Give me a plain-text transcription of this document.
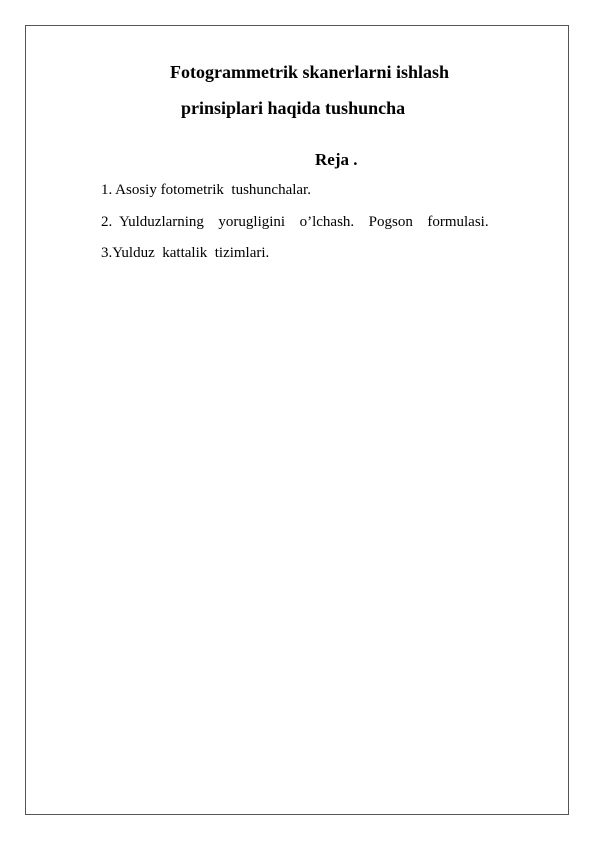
Fotogrammetrik skanerlarni ishlash
prinsiplari haqida tushuncha
Reja .
1. Asosiy fotometrik  tushunchalar.
2. Yulduzlarning  yorugligini  o’lchash.  Pogson  formulasi.
3.Yulduz  kattalik  tizimlari.
